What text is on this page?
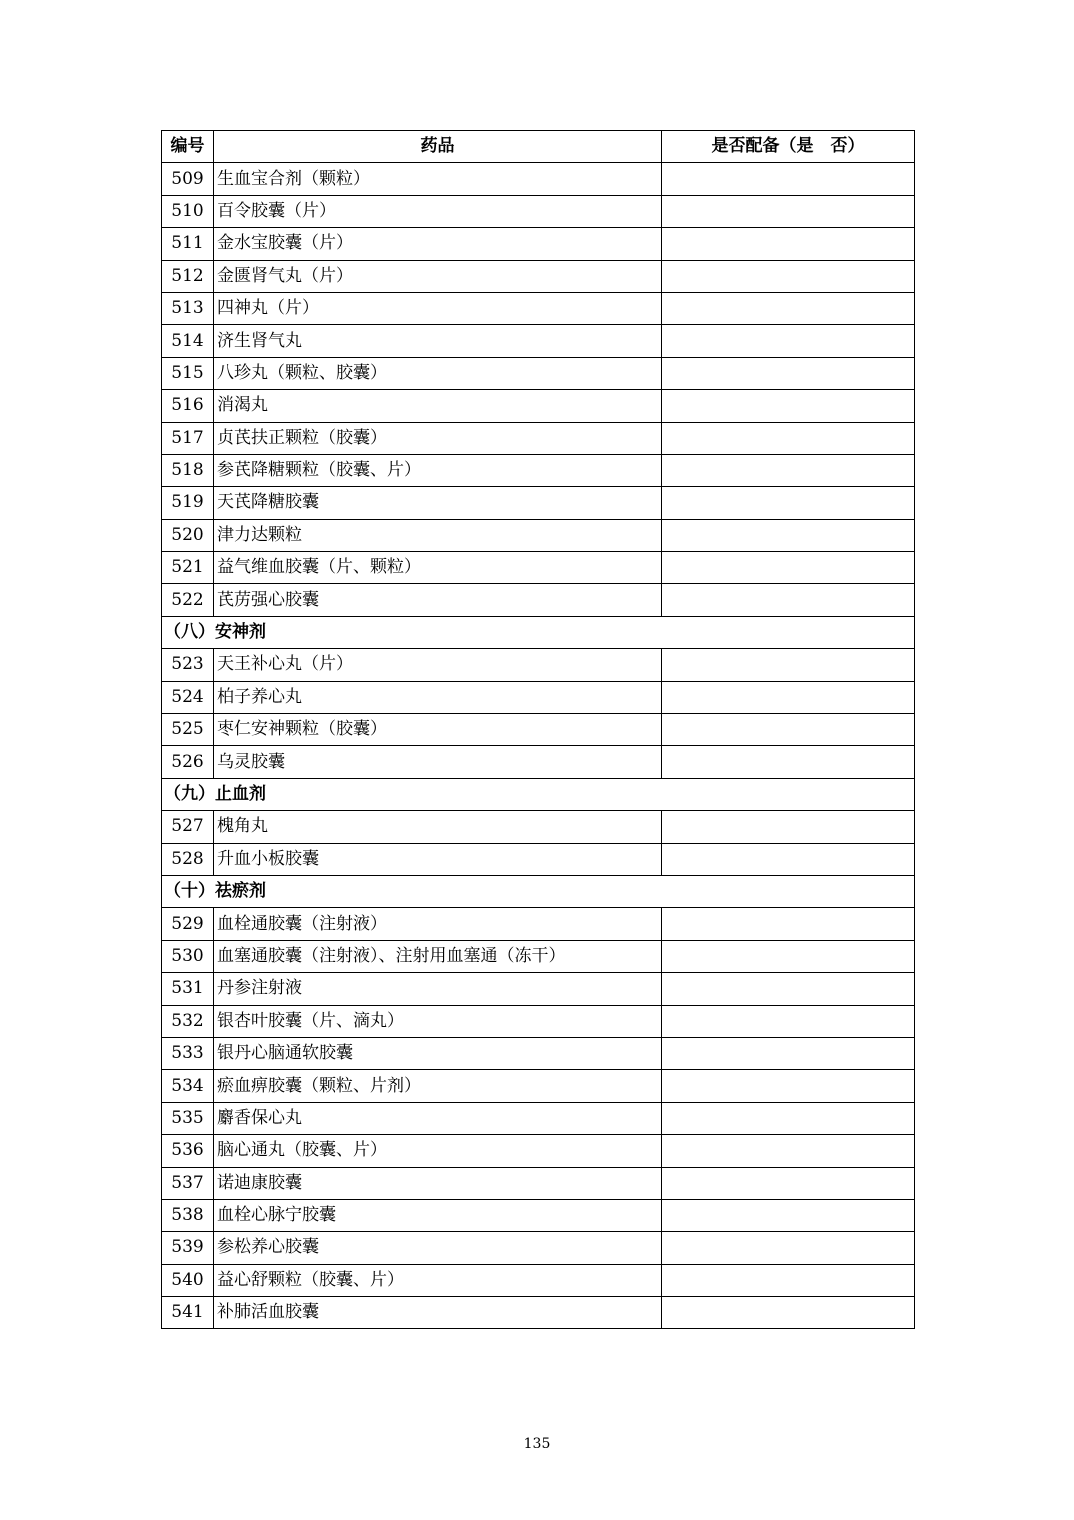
编号	药品	是否配备（是　否）
509	生血宝合剂（颗粒）	
510	百令胶囊（片）	
511	金水宝胶囊（片）	
512	金匮肾气丸（片）	
513	四神丸（片）	
514	济生肾气丸	
515	八珍丸（颗粒、胶囊）	
516	消渴丸	
517	贞芪扶正颗粒（胶囊）	
518	参芪降糖颗粒（胶囊、片）	
519	天芪降糖胶囊	
520	津力达颗粒	
521	益气维血胶囊（片、颗粒）	
522	芪苈强心胶囊	
（八）安神剂		
523	天王补心丸（片）	
524	柏子养心丸	
525	枣仁安神颗粒（胶囊）	
526	乌灵胶囊	
（九）止血剂		
527	槐角丸	
528	升血小板胶囊	
（十）祛瘀剂		
529	血栓通胶囊（注射液）	
530	血塞通胶囊（注射液）、注射用血塞通（冻干）	
531	丹参注射液	
532	银杏叶胶囊（片、滴丸）	
533	银丹心脑通软胶囊	
534	瘀血痹胶囊（颗粒、片剂）	
535	麝香保心丸	
536	脑心通丸（胶囊、片）	
537	诺迪康胶囊	
538	血栓心脉宁胶囊	
539	参松养心胶囊	
540	益心舒颗粒（胶囊、片）	
541	补肺活血胶囊	
135
